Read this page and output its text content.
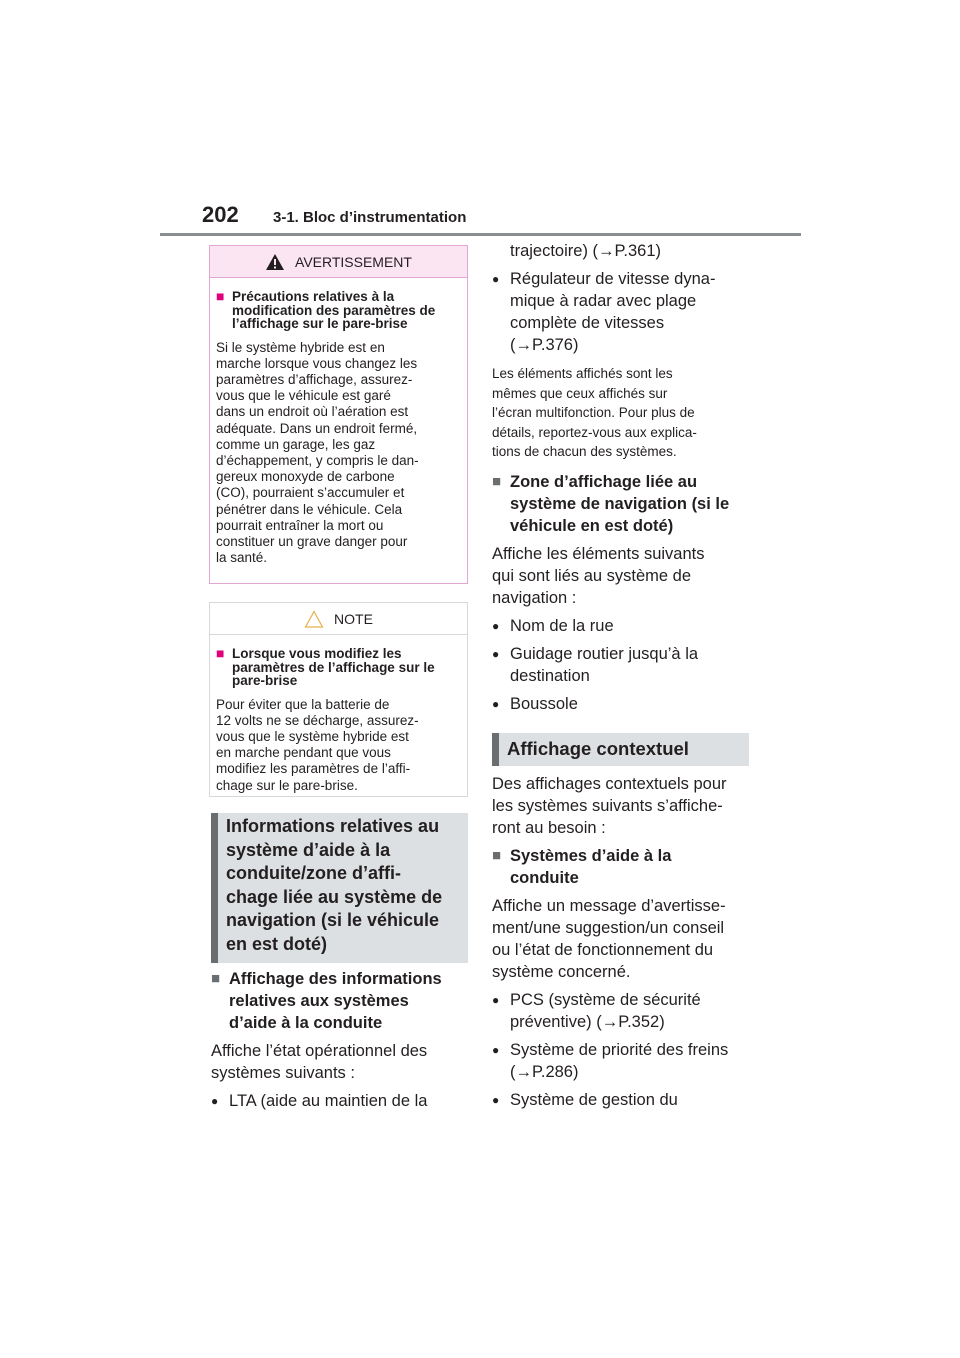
202 3-1. Bloc d’instrumentation
AVERTISSEMENT
■ Précautions relatives à la modification des paramètres de l’affichage sur le pare-brise
Si le système hybride est en
marche lorsque vous changez les
paramètres d’affichage, assurez-
vous que le véhicule est garé
dans un endroit où l’aération est
adéquate. Dans un endroit fermé,
comme un garage, les gaz
d’échappement, y compris le dan-
gereux monoxyde de carbone
(CO), pourraient s’accumuler et
pénétrer dans le véhicule. Cela
pourrait entraîner la mort ou
constituer un grave danger pour
la santé.
NOTE
■ Lorsque vous modifiez les paramètres de l’affichage sur le pare-brise
Pour éviter que la batterie de
12 volts ne se décharge, assurez-
vous que le système hybride est
en marche pendant que vous
modifiez les paramètres de l’affi-
chage sur le pare-brise.
Informations relatives au
système d’aide à la
conduite/zone d’affi-
chage liée au système de
navigation (si le véhicule
en est doté)
■ Affichage des informations
relatives aux systèmes
d’aide à la conduite
Affiche l’état opérationnel des
systèmes suivants :
● LTA (aide au maintien de la
trajectoire) (→P.361)
● Régulateur de vitesse dyna-
mique à radar avec plage
complète de vitesses
(→P.376)
Les éléments affichés sont les
mêmes que ceux affichés sur
l’écran multifonction. Pour plus de
détails, reportez-vous aux explica-
tions de chacun des systèmes.
■ Zone d’affichage liée au
système de navigation (si le
véhicule en est doté)
Affiche les éléments suivants
qui sont liés au système de
navigation :
● Nom de la rue
● Guidage routier jusqu’à la
destination
● Boussole
Affichage contextuel
Des affichages contextuels pour
les systèmes suivants s’affiche-
ront au besoin :
■ Systèmes d’aide à la
conduite
Affiche un message d’avertisse-
ment/une suggestion/un conseil
ou l’état de fonctionnement du
système concerné.
● PCS (système de sécurité
préventive) (→P.352)
● Système de priorité des freins
(→P.286)
● Système de gestion du
